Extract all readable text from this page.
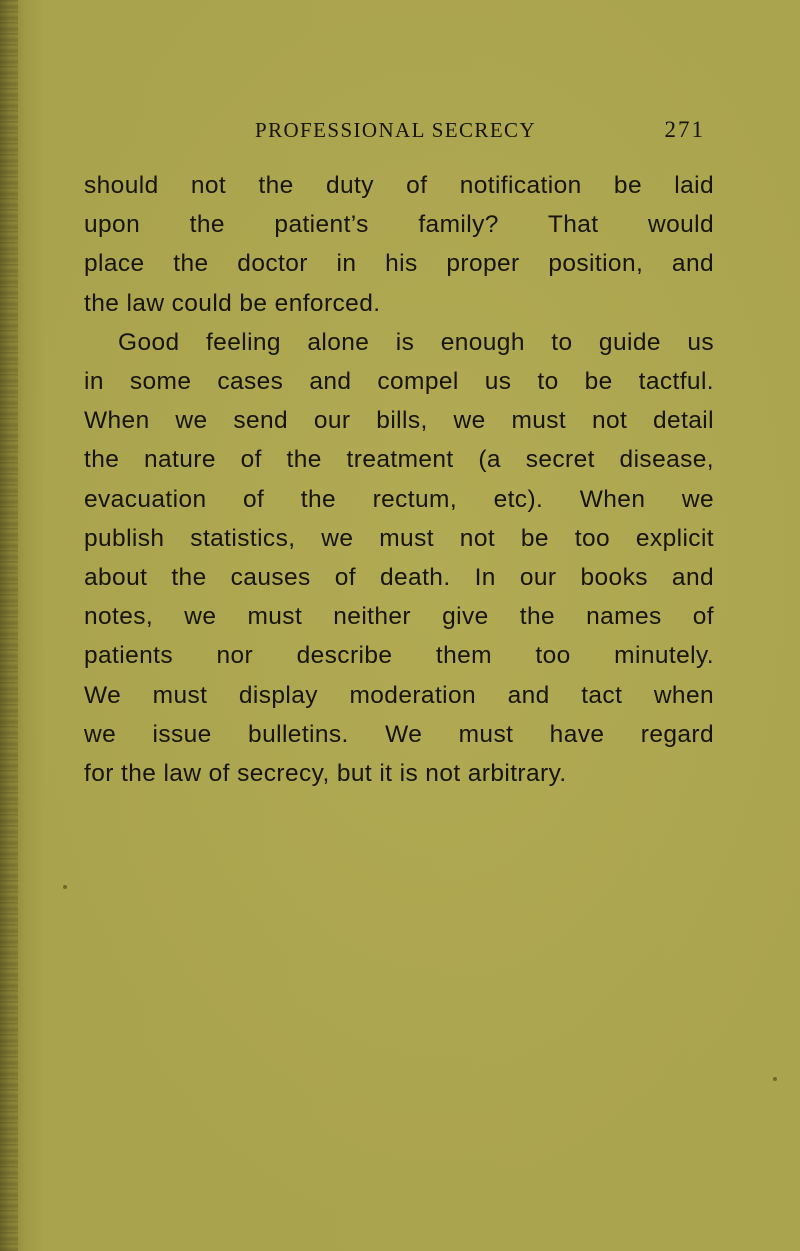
PROFESSIONAL SECRECY	271
should not the duty of notification be laid
upon the patient’s family? That would
place the doctor in his proper position, and
the law could be enforced.
Good feeling alone is enough to guide us
in some cases and compel us to be tactful.
When we send our bills, we must not detail
the nature of the treatment (a secret disease,
evacuation of the rectum, etc). When we
publish statistics, we must not be too explicit
about the causes of death. In our books and
notes, we must neither give the names of
patients nor describe them too minutely.
We must display moderation and tact when
we issue bulletins. We must have regard
for the law of secrecy, but it is not arbitrary.
